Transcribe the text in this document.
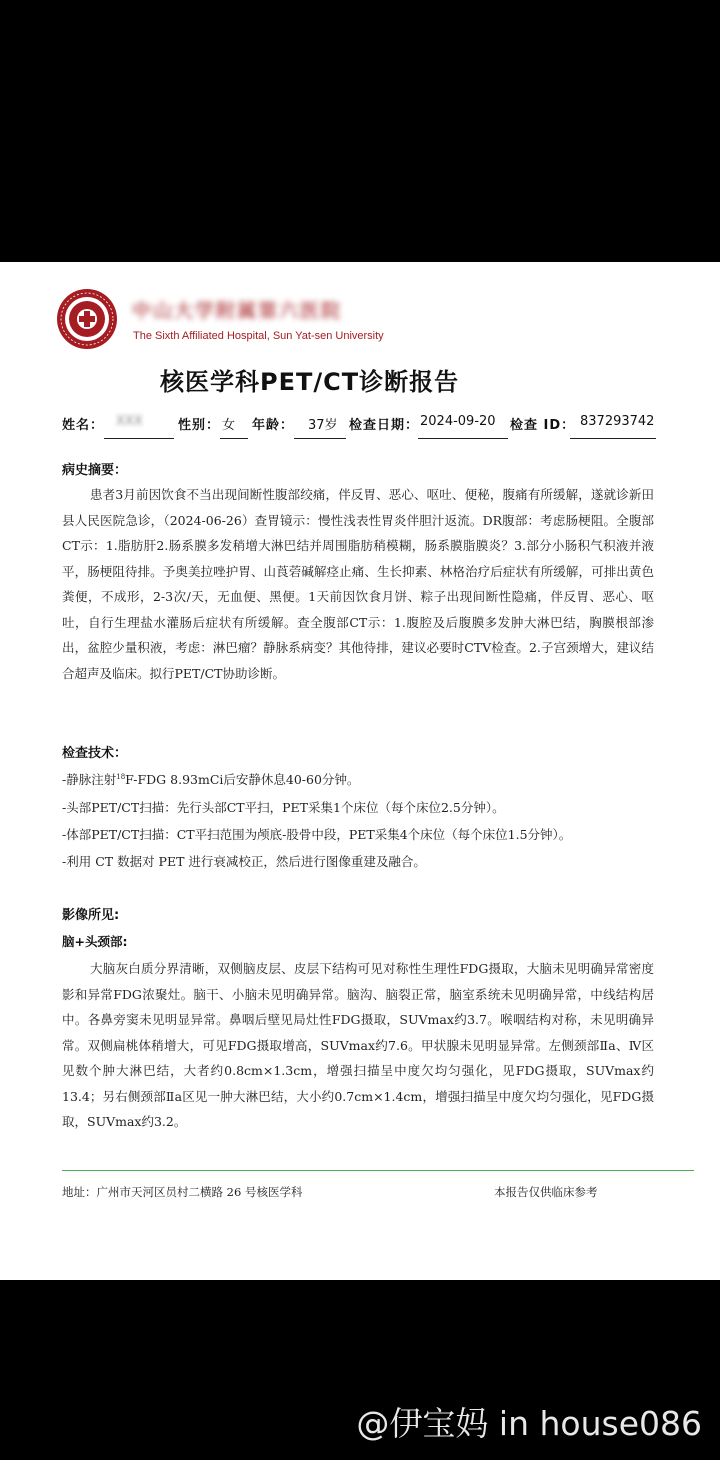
中山大学附属第六医院
The Sixth Affiliated Hospital, Sun Yat-sen University
核医学科PET/CT诊断报告
姓名： XXX	性别： 女 年龄： 37岁 检查日期： 2024-09-20 检查 ID： 837293742
病史摘要：

患者3月前因饮食不当出现间断性腹部绞痛，伴反胃、恶心、呕吐、便秘，腹痛有所缓解，遂就诊新田县人民医院急诊，（2024-06-26）查胃镜示：慢性浅表性胃炎伴胆汁返流。DR腹部：考虑肠梗阻。全腹部CT示：1.脂肪肝2.肠系膜多发稍增大淋巴结并周围脂肪稍模糊，肠系膜脂膜炎？3.部分小肠积气积液并液平，肠梗阻待排。予奥美拉唑护胃、山莨菪碱解痉止痛、生长抑素、林格治疗后症状有所缓解，可排出黄色粪便，不成形，2-3次/天，无血便、黑便。1天前因饮食月饼、粽子出现间断性隐痛，伴反胃、恶心、呕吐，自行生理盐水灌肠后症状有所缓解。查全腹部CT示：1.腹腔及后腹膜多发肿大淋巴结，胸膜根部渗出，盆腔少量积液，考虑：淋巴瘤？静脉系病变？其他待排，建议必要时CTV检查。2.子宫颈增大，建议结合超声及临床。拟行PET/CT协助诊断。

检查技术：
-静脉注射$^{18}$F-FDG 8.93mCi后安静休息40-60分钟。
-头部PET/CT扫描：先行头部CT平扫，PET采集1个床位（每个床位2.5分钟）。
-体部PET/CT扫描：CT平扫范围为颅底-股骨中段，PET采集4个床位（每个床位1.5分钟）。
-利用 CT 数据对 PET 进行衰减校正，然后进行图像重建及融合。
影像所见:
脑+头颈部:

大脑灰白质分界清晰，双侧脑皮层、皮层下结构可见对称性生理性FDG摄取，大脑未见明确异常密度影和异常FDG浓聚灶。脑干、小脑未见明确异常。脑沟、脑裂正常，脑室系统未见明确异常，中线结构居中。各鼻旁窦未见明显异常。鼻咽后壁见局灶性FDG摄取，SUVmax约3.7。喉咽结构对称，未见明确异常。双侧扁桃体稍增大，可见FDG摄取增高，SUVmax约7.6。甲状腺未见明显异常。左侧颈部Ⅱa、Ⅳ区见数个肿大淋巴结，大者约0.8cm×1.3cm，增强扫描呈中度欠均匀强化，见FDG摄取，SUVmax约13.4；另右侧颈部Ⅱa区见一肿大淋巴结，大小约0.7cm×1.4cm，增强扫描呈中度欠均匀强化，见FDG摄取，SUVmax约3.2。

地址：广州市天河区员村二横路 26 号核医学科	本报告仅供临床参考
@伊宝妈 in house086
